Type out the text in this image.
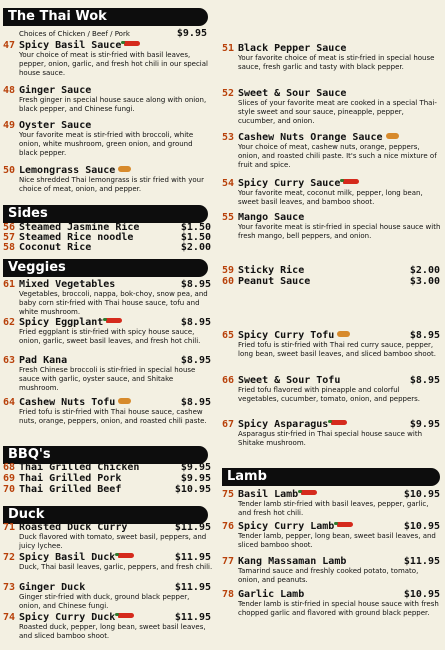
The Thai Wok
Choices of Chicken / Beef / Pork	$9.95
47 Spicy Basil Sauce
Your choice of meat is stir-fried with basil leaves, pepper, onion, garlic, and fresh hot chili in our special house sauce.
48 Ginger Sauce
Fresh ginger in special house sauce along with onion, black pepper, and Chinese fungi.
49 Oyster Sauce
Your favorite meat is stir-fried with broccoli, white onion, white mushroom, green onion, and ground black pepper.
50 Lemongrass Sauce
Nice shredded Thai lemongrass is stir fried with your choice of meat, onion, and pepper.
Sides
56 Steamed Jasmine Rice	$1.50
57 Steamed Rice noodle	$1.50
58 Coconut Rice	$2.00
Veggies
61 Mixed Vegetables	$8.95
Vegetables, broccoli, nappa, bok-choy, snow pea, and baby corn stir-fried with Thai house sauce, tofu and white mushroom.
62 Spicy Eggplant	$8.95
Fried eggplant is stir-fried with spicy house sauce, onion, garlic, sweet basil leaves, and fresh hot chili.
63 Pad Kana	$8.95
Fresh Chinese broccoli is stir-fried in special house sauce with garlic, oyster sauce, and Shitake mushroom.
64 Cashew Nuts Tofu	$8.95
Fried tofu is stir-fried with Thai house sauce, cashew nuts, orange, peppers, onion, and roasted chili paste.
BBQ's
68 Thai Grilled Chicken	$9.95
69 Thai Grilled Pork	$9.95
70 Thai Grilled Beef	$10.95
Duck
71 Roasted Duck Curry	$11.95
Duck flavored with tomato, sweet basil, peppers, and juicy lychee.
72 Spicy Basil Duck	$11.95
Duck, Thai basil leaves, garlic, peppers, and fresh chili.
73 Ginger Duck	$11.95
Ginger stir-fried with duck, ground black pepper, onion, and Chinese fungi.
74 Spicy Curry Duck	$11.95
Roasted duck, pepper, long bean, sweet basil leaves, and sliced bamboo shoot.
51 Black Pepper Sauce
Your favorite choice of meat is stir-fried in special house sauce, fresh garlic and tasty with black pepper.
52 Sweet & Sour Sauce
Slices of your favorite meat are cooked in a special Thai-style sweet and sour sauce, pineapple, pepper, cucumber, and onion.
53 Cashew Nuts Orange Sauce
Your choice of meat, cashew nuts, orange, peppers, onion, and roasted chili paste. It's such a nice mixture of fruit and spice.
54 Spicy Curry Sauce
Your favorite meat, coconut milk, pepper, long bean, sweet basil leaves, and bamboo shoot.
55 Mango Sauce
Your favorite meat is stir-fried in special house sauce with fresh mango, bell peppers, and onion.
59 Sticky Rice	$2.00
60 Peanut Sauce	$3.00
65 Spicy Curry Tofu	$8.95
Fried tofu is stir-fried with Thai red curry sauce, pepper, long bean, sweet basil leaves, and sliced bamboo shoot.
66 Sweet & Sour Tofu	$8.95
Fried tofu flavored with pineapple and colorful vegetables, cucumber, tomato, onion, and peppers.
67 Spicy Asparagus	$9.95
Asparagus stir-fried in Thai special house sauce with Shitake mushroom.
Lamb
75 Basil Lamb	$10.95
Tender lamb stir-fried with basil leaves, pepper, garlic, and fresh hot chili.
76 Spicy Curry Lamb	$10.95
Tender lamb, pepper, long bean, sweet basil leaves, and sliced bamboo shoot.
77 Kang Massaman Lamb	$11.95
Tamarind sauce and freshly cooked potato, tomato, onion, and peanuts.
78 Garlic Lamb	$10.95
Tender lamb is stir-fried in special house sauce with fresh chopped garlic and flavored with ground black pepper.
